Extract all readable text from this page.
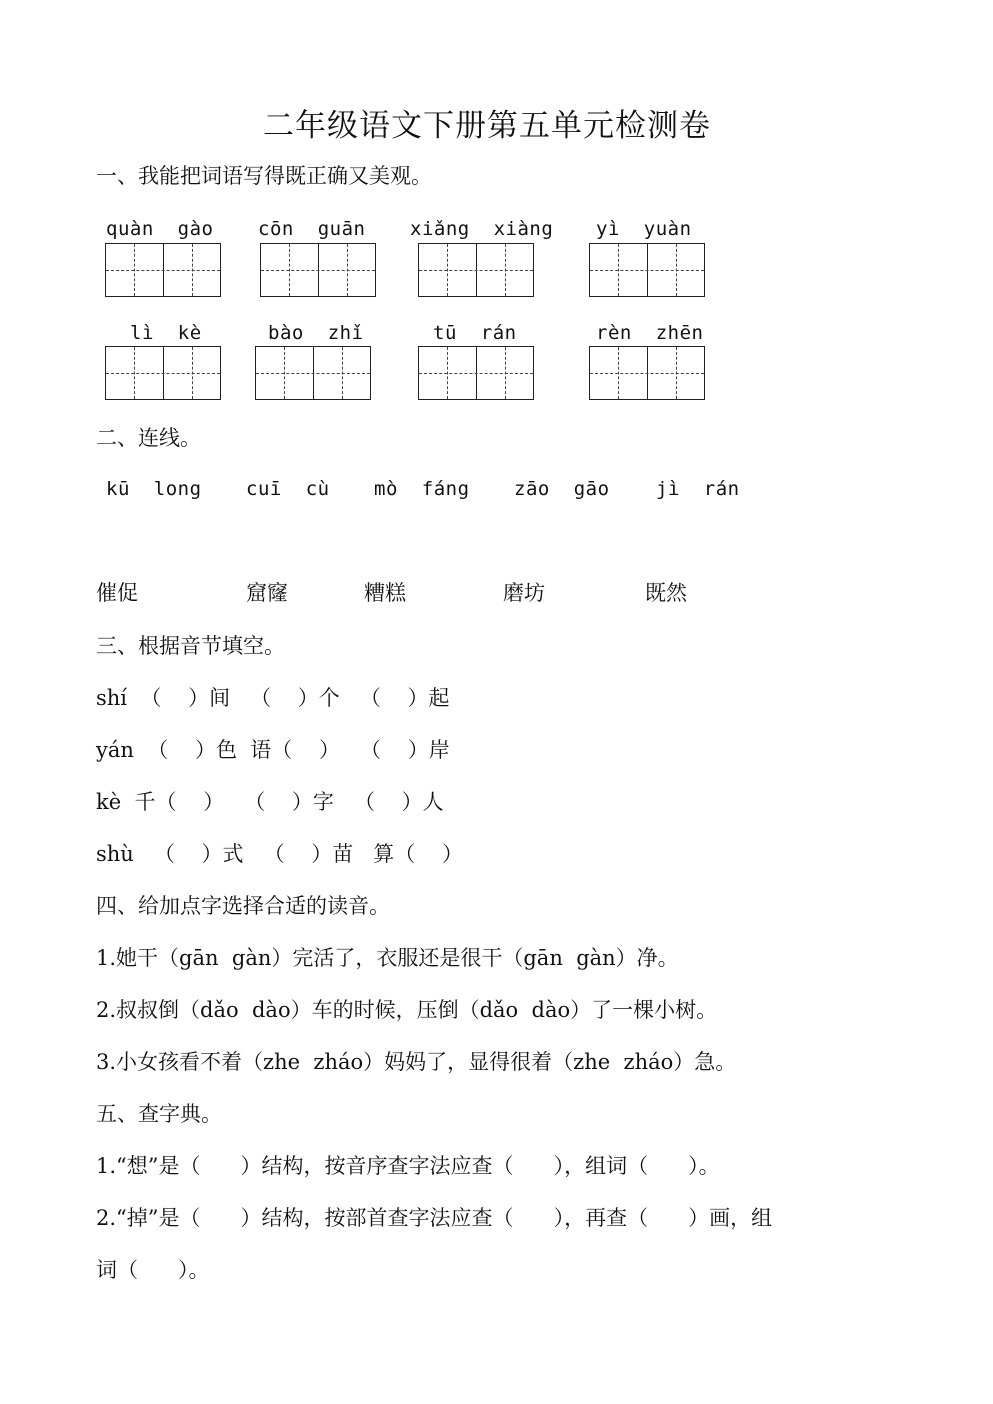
二年级语文下册第五单元检测卷
一、我能把词语写得既正确又美观。
quàn  gào cōn  guān xiǎng  xiàng yì  yuàn
lì  kè	bào  zhǐ	tū  rán	rèn  zhēn
二、连线。
kū  long cuī  cù mò  fáng zāo  gāo jì  rán
催促	窟窿	糟糕	磨坊	既然
三、根据音节填空。
shí  （    ）间   （    ）个   （    ）起
yán  （    ）色  语（    ）   （    ）岸
kè  千（    ）   （    ）字   （    ）人
shù   （    ）式   （    ）苗   算（    ）
四、给加点字选择合适的读音。
1.她干（gān  gàn）完活了，衣服还是很干（gān  gàn）净。
2.叔叔倒（dǎo  dào）车的时候，压倒（dǎo  dào）了一棵小树。
3.小女孩看不着（zhe  zháo）妈妈了，显得很着（zhe  zháo）急。
五、查字典。
1.“想”是（      ）结构，按音序查字法应查（      ），组词（      ）。
2.“掉”是（      ）结构，按部首查字法应查（      ），再查（      ）画，组
词（      ）。
